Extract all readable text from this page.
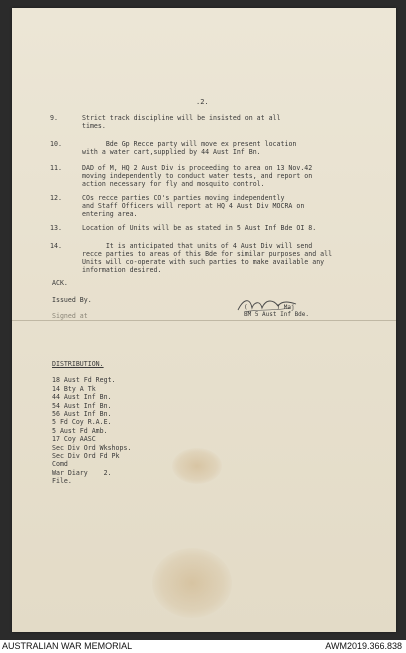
.2.
9.	Strict track discipline will be insisted on at all
times.
10.	Bde Gp Recce party will move ex present location
with a water cart,supplied by 44 Aust Inf Bn.
11.	DAD of M, HQ 2 Aust Div is proceeding to area on 13 Nov.42
moving independently to conduct water tests, and report on
action necessary for fly and mosquito control.
12.	COs recce parties CO's parties moving independently
and Staff Officers will report at HQ 4 Aust Div MOCRA on
entering area.
13.	Location of Units will be as stated in 5 Aust Inf Bde OI 8.
14.	It is anticipated that units of 4 Aust Div will send
recce parties to areas of this Bde for similar purposes and all
Units will co-operate with such parties to make available any
information desired.
ACK.
Issued By.
Signed at
(        ) Maj
BM 5 Aust Inf Bde.
DISTRIBUTION.
18 Aust Fd Regt.
14 Bty A Tk
44 Aust Inf Bn.
54 Aust Inf Bn.
56 Aust Inf Bn.
5 Fd Coy R.A.E.
5 Aust Fd Amb.
17 Coy AASC
Sec Div Ord Wkshops.
Sec Div Ord Fd Pk
Comd
War Diary    2.
File.
AUSTRALIAN WAR MEMORIAL	AWM2019.366.838
